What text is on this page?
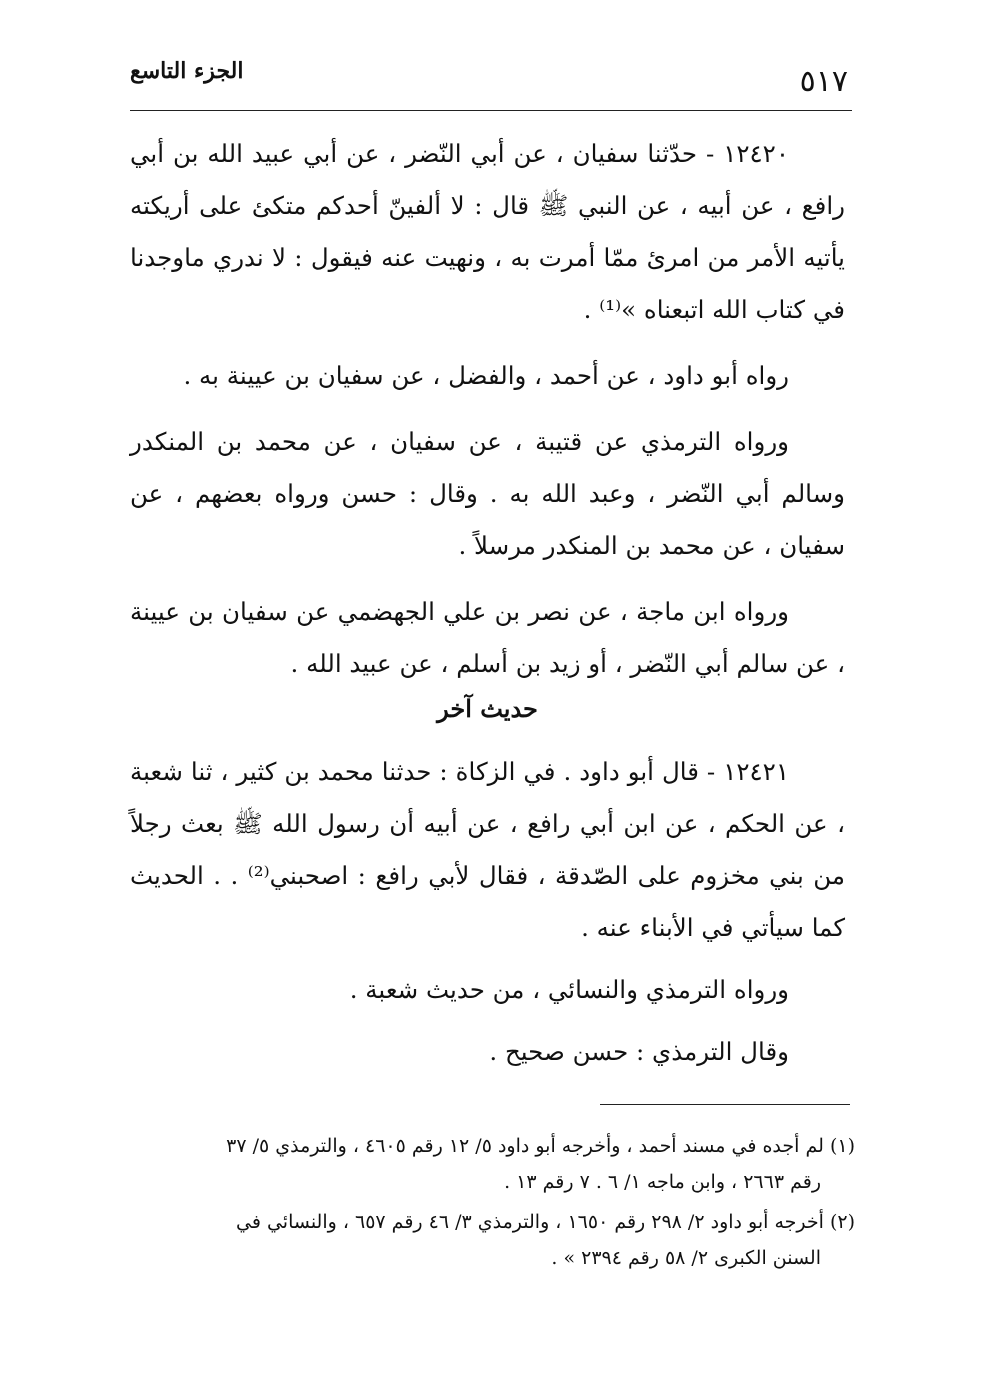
الجزء التاسع	٥١٧

١٢٤٢٠ - حدّثنا سفيان ، عن أبي النّضر ، عن أبي عبيد الله بن أبي رافع ، عن أبيه ، عن النبي ﷺ قال : لا ألفينّ أحدكم متكئ على أريكته يأتيه الأمر من امرئ ممّا أمرت به ، ونهيت عنه فيقول : لا ندري ماوجدنا في كتاب الله اتبعناه »⁽¹⁾ .

رواه أبو داود ، عن أحمد ، والفضل ، عن سفيان بن عيينة به .

ورواه الترمذي عن قتيبة ، عن سفيان ، عن محمد بن المنكدر وسالم أبي النّضر ، وعبد الله به . وقال : حسن ورواه بعضهم ، عن سفيان ، عن محمد بن المنكدر مرسلاً .

ورواه ابن ماجة ، عن نصر بن علي الجهضمي عن سفيان بن عيينة ، عن سالم أبي النّضر ، أو زيد بن أسلم ، عن عبيد الله .

حديث آخر

١٢٤٢١ - قال أبو داود . في الزكاة : حدثنا محمد بن كثير ، ثنا شعبة ، عن الحكم ، عن ابن أبي رافع ، عن أبيه أن رسول الله ﷺ بعث رجلاً من بني مخزوم على الصّدقة ، فقال لأبي رافع : اصحبني⁽²⁾ . . الحديث كما سيأتي في الأبناء عنه .

ورواه الترمذي والنسائي ، من حديث شعبة .

وقال الترمذي : حسن صحيح .

(١) لم أجده في مسند أحمد ، وأخرجه أبو داود ٥/ ١٢ رقم ٤٦٠٥ ، والترمذي ٥/ ٣٧
رقم ٢٦٦٣ ، وابن ماجه ١/ ٦ . ٧ رقم ١٣ .
(٢) أخرجه أبو داود ٢/ ٢٩٨ رقم ١٦٥٠ ، والترمذي ٣/ ٤٦ رقم ٦٥٧ ، والنسائي في
السنن الكبرى ٢/ ٥٨ رقم ٢٣٩٤ » .
